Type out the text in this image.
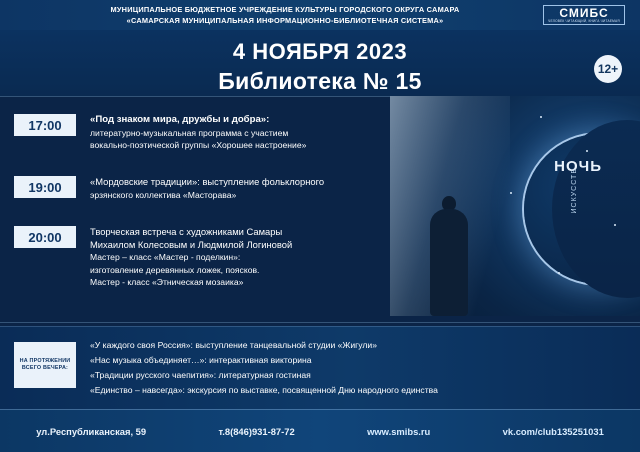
МУНИЦИПАЛЬНОЕ БЮДЖЕТНОЕ УЧРЕЖДЕНИЕ КУЛЬТУРЫ ГОРОДСКОГО ОКРУГА САМАРА
«САМАРСКАЯ МУНИЦИПАЛЬНАЯ ИНФОРМАЦИОННО-БИБЛИОТЕЧНАЯ СИСТЕМА»
СМИБС
ЧЕЛОВЕК ЧИТАЮЩИЙ, КНИГА ЧИТАЕМАЯ
4 НОЯБРЯ 2023
Библиотека № 15	12+
НОЧЬ
ИСКУССТВ
17:00	«Под знаком мира, дружбы и добра»:
литературно-музыкальная программа с участием
вокально-поэтической группы «Хорошее настроение»
19:00	«Мордовские традиции»: выступление фольклорного
эрзянского коллектива «Масторава»
20:00	Творческая встреча с художниками Самары
Михаилом Колесовым и Людмилой Логиновой
Мастер – класс «Мастер - поделкин»:
изготовление деревянных ложек, поясков.
Мастер - класс «Этническая мозаика»
НА ПРОТЯЖЕНИИ ВСЕГО ВЕЧЕРА:
«У каждого своя Россия»: выступление танцевальной студии «Жигули»
«Нас музыка объединяет…»: интерактивная викторина
«Традиции русского чаепития»: литературная гостиная
«Единство – навсегда»: экскурсия по выставке, посвященной Дню народного единства
ул.Республиканская, 59	т.8(846)931-87-72	www.smibs.ru	vk.com/club135251031
